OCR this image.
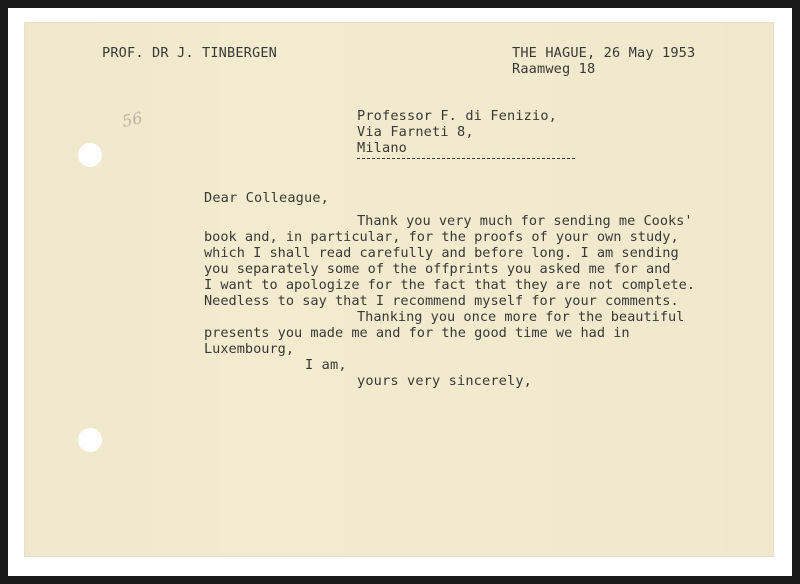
PROF. DR J. TINBERGEN	THE HAGUE, 26 May 1953
Raamweg 18
56	Professor F. di Fenizio,
Via Farneti 8,
Milano
Dear Colleague,
Thank you very much for sending me Cooks'
book and, in particular, for the proofs of your own study,
which I shall read carefully and before long. I am sending
you separately some of the offprints you asked me for and
I want to apologize for the fact that they are not complete.
Needless to say that I recommend myself for your comments.
Thanking you once more for the beautiful
presents you made me and for the good time we had in
Luxembourg,
I am,
yours very sincerely,
